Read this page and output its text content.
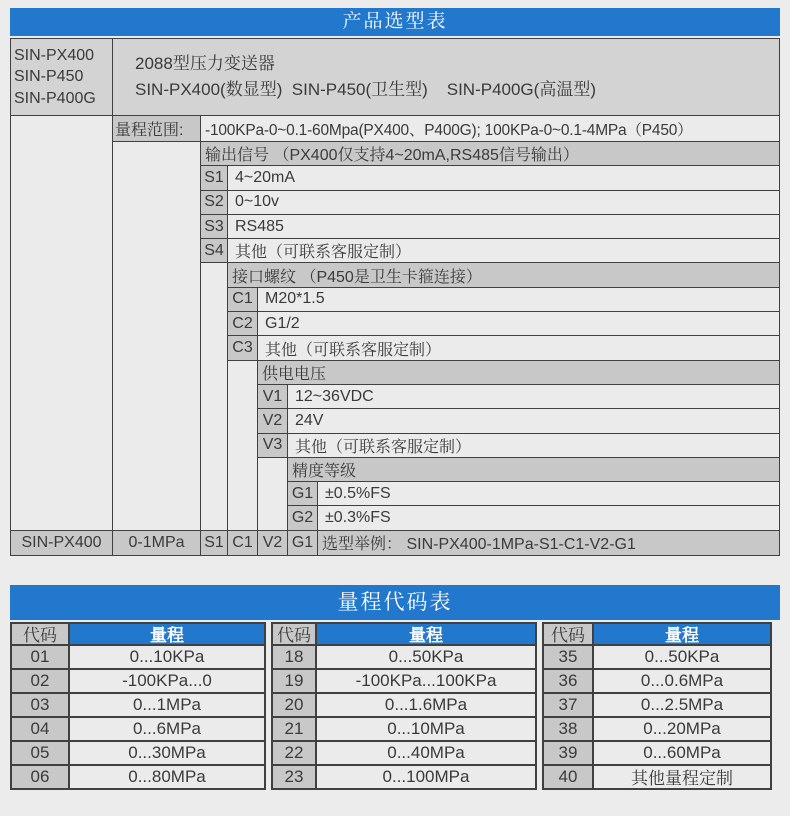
产品选型表
SIN-PX400
SIN-P450
SIN-P400G
2088型压力变送器
SIN-PX400(数显型)  SIN-P450(卫生型)    SIN-P400G(高温型)
量程范围:	-100KPa-0~0.1-60Mpa(PX400、P400G); 100KPa-0~0.1-4MPa（P450）
输出信号 （PX400仅支持4~20mA,RS485信号输出）
S1 4~20mA
S2 0~10v
S3 RS485
S4 其他（可联系客服定制）
接口螺纹 （P450是卫生卡箍连接）
C1 M20*1.5
C2 G1/2
C3 其他（可联系客服定制）
供电电压
V1 12~36VDC
V2 24V
V3 其他（可联系客服定制）
精度等级
G1 ±0.5%FS
G2 ±0.3%FS
SIN-PX400	0-1MPa	S1 C1 V2 G1 选型举例： SIN-PX400-1MPa-S1-C1-V2-G1
量程代码表
代码	量程
01	0...10KPa
02	-100KPa...0
03	0...1MPa
04	0...6MPa
05	0...30MPa
06	0...80MPa
代码	量程
18	0...50KPa
19	-100KPa...100KPa
20	0...1.6MPa
21	0...10MPa
22	0...40MPa
23	0...100MPa
代码	量程
35	0...50KPa
36	0...0.6MPa
37	0...2.5MPa
38	0...20MPa
39	0...60MPa
40	其他量程定制
